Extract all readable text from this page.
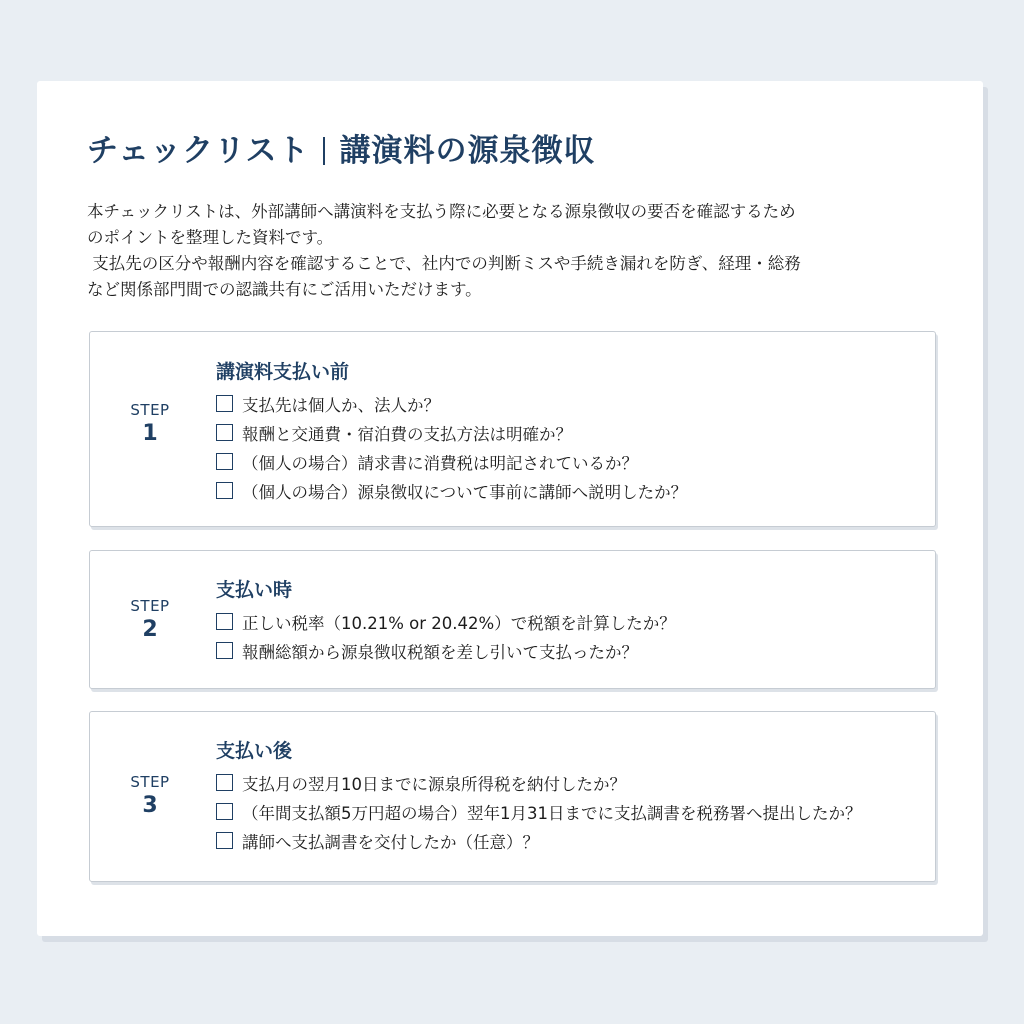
チェックリスト 講演料の源泉徴収

本チェックリストは、外部講師へ講演料を支払う際に必要となる源泉徴収の要否を確認するため
のポイントを整理した資料です。
支払先の区分や報酬内容を確認することで、社内での判断ミスや手続き漏れを防ぎ、経理・総務
など関係部門間での認識共有にご活用いただけます。

STEP
1
講演料支払い前
支払先は個人か、法人か？
報酬と交通費・宿泊費の支払方法は明確か？
（個人の場合）請求書に消費税は明記されているか？
（個人の場合）源泉徴収について事前に講師へ説明したか？
STEP
2
支払い時
正しい税率（10.21% or 20.42%）で税額を計算したか？
報酬総額から源泉徴収税額を差し引いて支払ったか？
STEP
3
支払い後
支払月の翌月10日までに源泉所得税を納付したか？
（年間支払額5万円超の場合）翌年1月31日までに支払調書を税務署へ提出したか？
講師へ支払調書を交付したか（任意）？
